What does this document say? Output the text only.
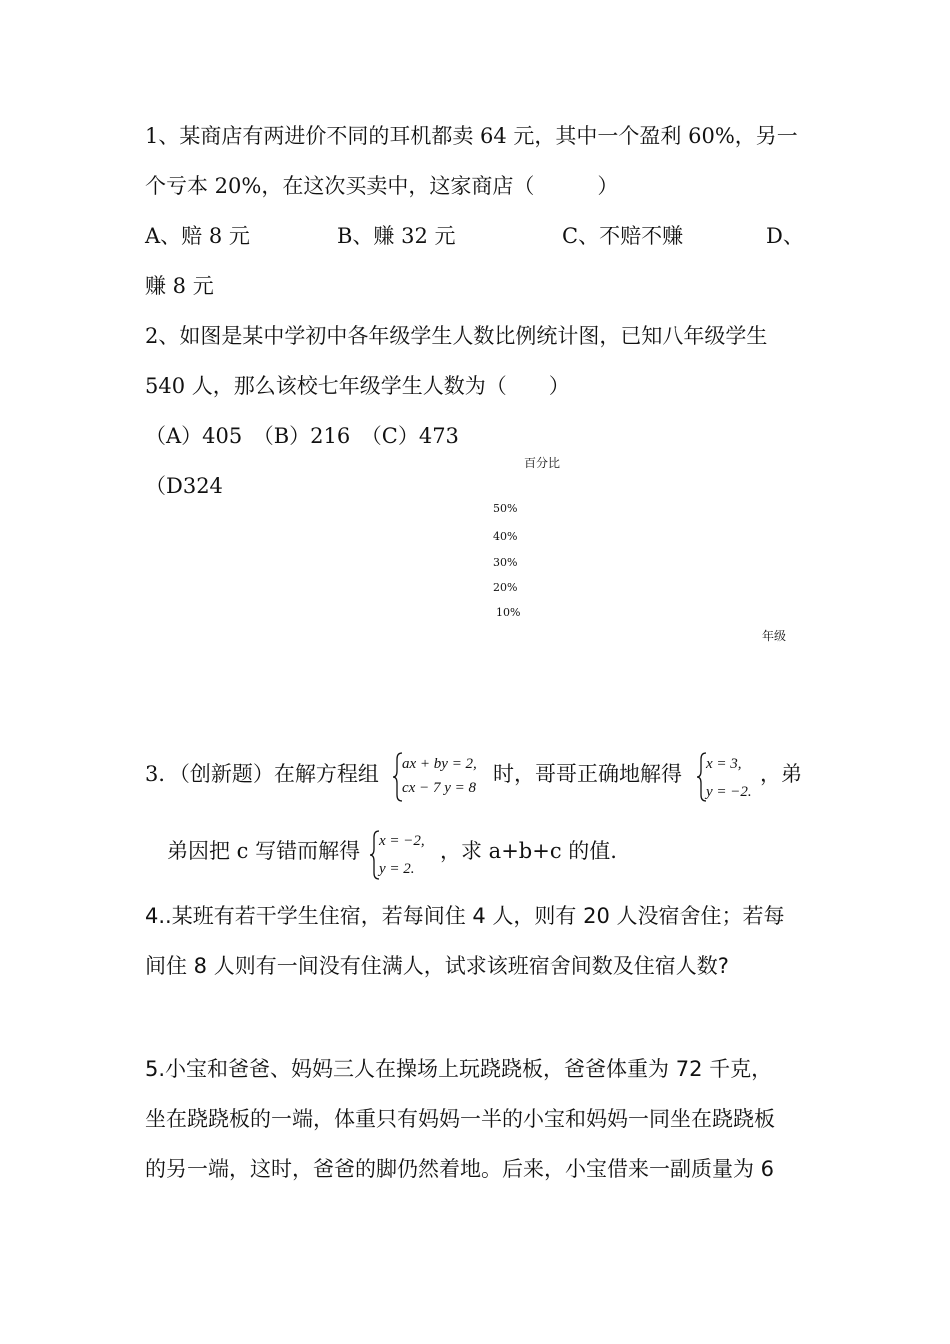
1、某商店有两进价不同的耳机都卖 64 元，其中一个盈利 60%，另一
个亏本 20%，在这次买卖中，这家商店（　　　）
A、赔 8 元	B、赚 32 元	C、不赔不赚	D、
赚 8 元
2、如图是某中学初中各年级学生人数比例统计图，已知八年级学生
540 人，那么该校七年级学生人数为（　　）
（A）405　（B）216　（C）473
（D324
百分比
50%
40%
30%
20%
10%
年级
3．（创新题）在解方程组 ax + by = 2,
cx − 7 y = 8
时，哥哥正确地解得 x = 3,
y = −2.
，弟
弟因把 c 写错而解得 x = −2,
y = 2.
，求 a+b+c 的值.
4..某班有若干学生住宿，若每间住 4 人，则有 20 人没宿舍住；若每
间住 8 人则有一间没有住满人，试求该班宿舍间数及住宿人数?
5.小宝和爸爸、妈妈三人在操场上玩跷跷板，爸爸体重为 72 千克，
坐在跷跷板的一端，体重只有妈妈一半的小宝和妈妈一同坐在跷跷板
的另一端，这时，爸爸的脚仍然着地。后来，小宝借来一副质量为 6
